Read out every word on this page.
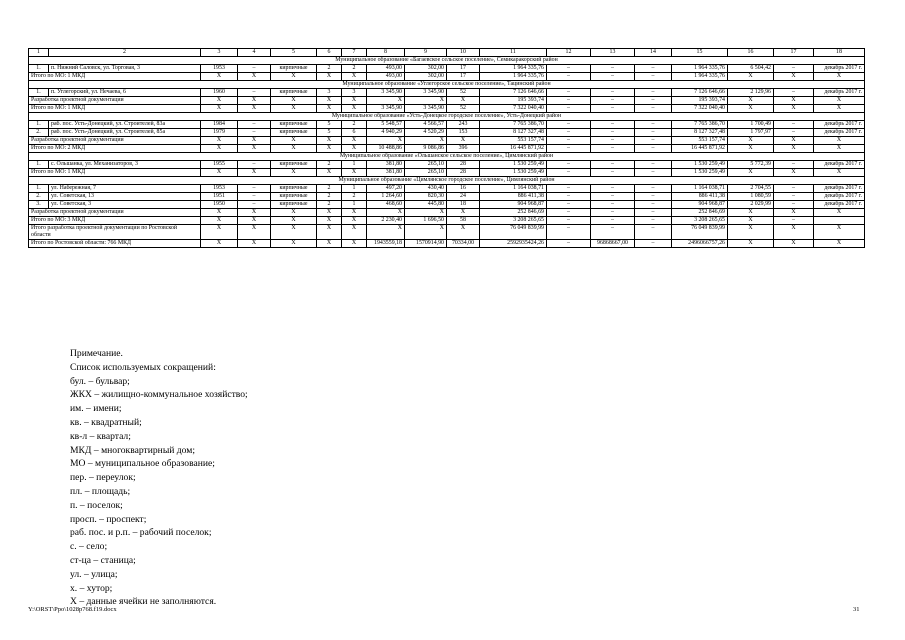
1	2	3	4	5	6	7	8	9	10	11	12	13	14	15	16	17	18
Муниципальное образование «Багаевское сельское поселение», Семикаракорский район																	
1.	п. Нижний Саловск, ул. Торговая, 3	1953	–	кирпичные	2	2	493,00	302,00	17	1 964 335,76	–	–	–	1 964 335,76	6 504,42	–	декабрь 2017 г.
Итого по МО: 1 МКД		Х	Х	Х	Х	Х	493,00	302,00	17	1 964 335,76	–	–	–	1 964 335,76	Х	Х	Х
Муниципальное образование «Углегорское сельское поселение», Тацинский район																	
1.	п. Углегорский, ул. Нечаева, 6	1960	–	кирпичные	3	3	3 345,90	3 345,90	52	7 126 646,66	–	–	–	7 126 646,66	2 129,96	–	декабрь 2017 г.
Разработка проектной документации		Х	Х	Х	Х	Х	Х	Х	Х	195 393,74	–	–	–	195 393,74	Х	Х	Х
Итого по МО: 1 МКД		Х	Х	Х	Х	Х	3 345,90	3 345,90	52	7 322 040,40	–	–	–	7 322 040,40	Х	Х	Х
Муниципальное образование «Усть-Донецкое городское поселение», Усть-Донецкий район																	
1.	раб. пос. Усть-Донецкий, ул. Строителей, 83а	1984	–	кирпичные	5	2	5 548,57	4 566,57	243	7 765 386,70	–	–	–	7 765 386,70	1 700,49	–	декабрь 2017 г.
2.	раб. пос. Усть-Донецкий, ул. Строителей, 85а	1979	–	кирпичные	5	6	4 940,29	4 520,29	153	8 127 327,48	–	–	–	8 127 327,48	1 797,97	–	декабрь 2017 г.
Разработка проектной документации		Х	Х	Х	Х	Х	Х	Х	Х	553 157,74	–	–	–	553 157,74	Х	Х	Х
Итого по МО: 2 МКД		Х	Х	Х	Х	Х	10 488,86	9 086,86	396	16 445 871,92	–	–	–	16 445 871,92	Х	Х	Х
Муниципальное образование «Ольшанское сельское поселение», Цимлянский район																	
1.	с. Ольшанка, ул. Механизаторов, 3	1955	–	кирпичные	2	1	381,80	265,10	28	1 530 259,49	–	–	–	1 530 259,49	5 772,39	–	декабрь 2017 г.
Итого по МО: 1 МКД		Х	Х	Х	Х	Х	381,80	265,10	28	1 530 259,49	–	–	–	1 530 259,49	Х	Х	Х
Муниципальное образование «Цимлянское городское поселение», Цимлянский район																	
1.	ул. Набережная, 7	1953	–	кирпичные	2	1	497,20	430,40	16	1 164 038,71	–	–	–	1 164 038,71	2 704,55	–	декабрь 2017 г.
2.	ул. Советская, 13	1951	–	кирпичные	2	2	1 264,60	820,30	24	886 411,38	–	–	–	886 411,38	1 080,59	–	декабрь 2017 г.
3.	ул. Советская, 3	1950	–	кирпичные	2	1	468,60	445,80	18	904 968,87	–	–	–	904 968,87	2 029,99	–	декабрь 2017 г.
Разработка проектной документации		Х	Х	Х	Х	Х	Х	Х	Х	252 846,69	–	–	–	252 846,69	Х	Х	Х
Итого по МО: 3 МКД		Х	Х	Х	Х	Х	2 230,40	1 696,50	58	3 208 265,65	–	–	–	3 208 265,65	Х	–	
Итого разработка проектной документации по Ростовской области		Х	Х	Х	Х	Х	Х	Х	Х	76 049 839,99	–	–	–	76 049 839,99	Х	Х	Х
Итого по Ростовской области: 766 МКД		Х	Х	Х	Х	Х	1943559,18	1570914,90	70334,00	2592935424,26	–	96868667,00	–	2496066757,26	Х	Х	Х
Примечание.
Список используемых сокращений:
бул. – бульвар;
ЖКХ – жилищно-коммунальное хозяйство;
им. – имени;
кв. – квадратный;
кв-л – квартал;
МКД – многоквартирный дом;
МО – муниципальное образование;
пер. – переулок;
пл. – площадь;
п. – поселок;
просп. – проспект;
раб. пос. и р.п. – рабочий поселок;
с. – село;
ст-ца – станица;
ул. – улица;
х. – хутор;
Х – данные ячейки не заполняются.
Y:\ORST\Ppo\1028p768.f19.docx	31
